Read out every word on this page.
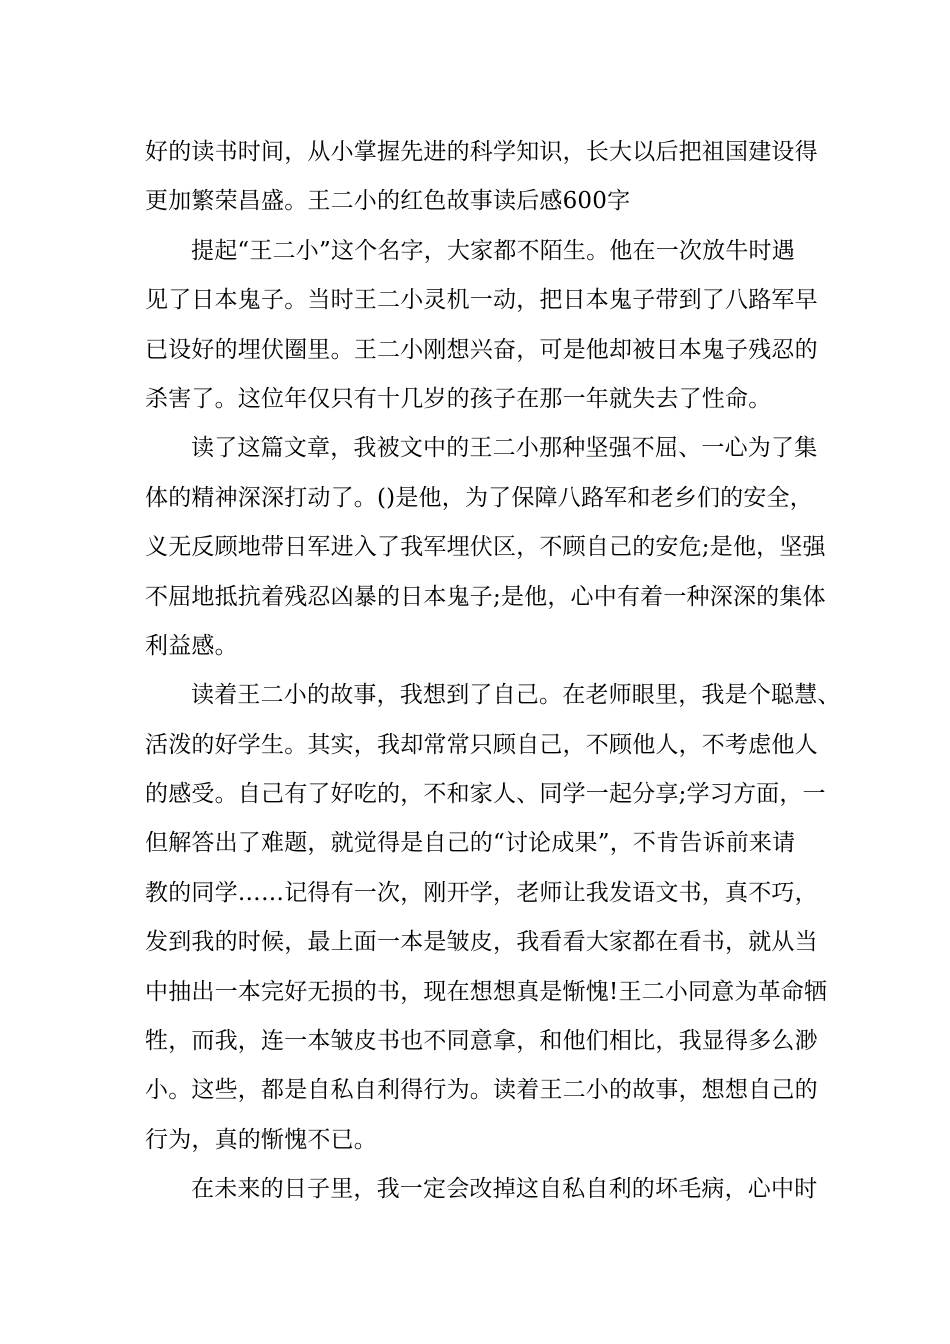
好的读书时间，从小掌握先进的科学知识，长大以后把祖国建设得
更加繁荣昌盛。王二小的红色故事读后感600字
提起“王二小”这个名字，大家都不陌生。他在一次放牛时遇
见了日本鬼子。当时王二小灵机一动，把日本鬼子带到了八路军早
已设好的埋伏圈里。王二小刚想兴奋，可是他却被日本鬼子残忍的
杀害了。这位年仅只有十几岁的孩子在那一年就失去了性命。
读了这篇文章，我被文中的王二小那种坚强不屈、一心为了集
体的精神深深打动了。()是他，为了保障八路军和老乡们的安全，
义无反顾地带日军进入了我军埋伏区，不顾自己的安危;是他，坚强
不屈地抵抗着残忍凶暴的日本鬼子;是他，心中有着一种深深的集体
利益感。
读着王二小的故事，我想到了自己。在老师眼里，我是个聪慧、
活泼的好学生。其实，我却常常只顾自己，不顾他人，不考虑他人
的感受。自己有了好吃的，不和家人、同学一起分享;学习方面，一
但解答出了难题，就觉得是自己的“讨论成果”，不肯告诉前来请
教的同学……记得有一次，刚开学，老师让我发语文书，真不巧，
发到我的时候，最上面一本是皱皮，我看看大家都在看书，就从当
中抽出一本完好无损的书，现在想想真是惭愧!王二小同意为革命牺
牲，而我，连一本皱皮书也不同意拿，和他们相比，我显得多么渺
小。这些，都是自私自利得行为。读着王二小的故事，想想自己的
行为，真的惭愧不已。
在未来的日子里，我一定会改掉这自私自利的坏毛病，心中时
